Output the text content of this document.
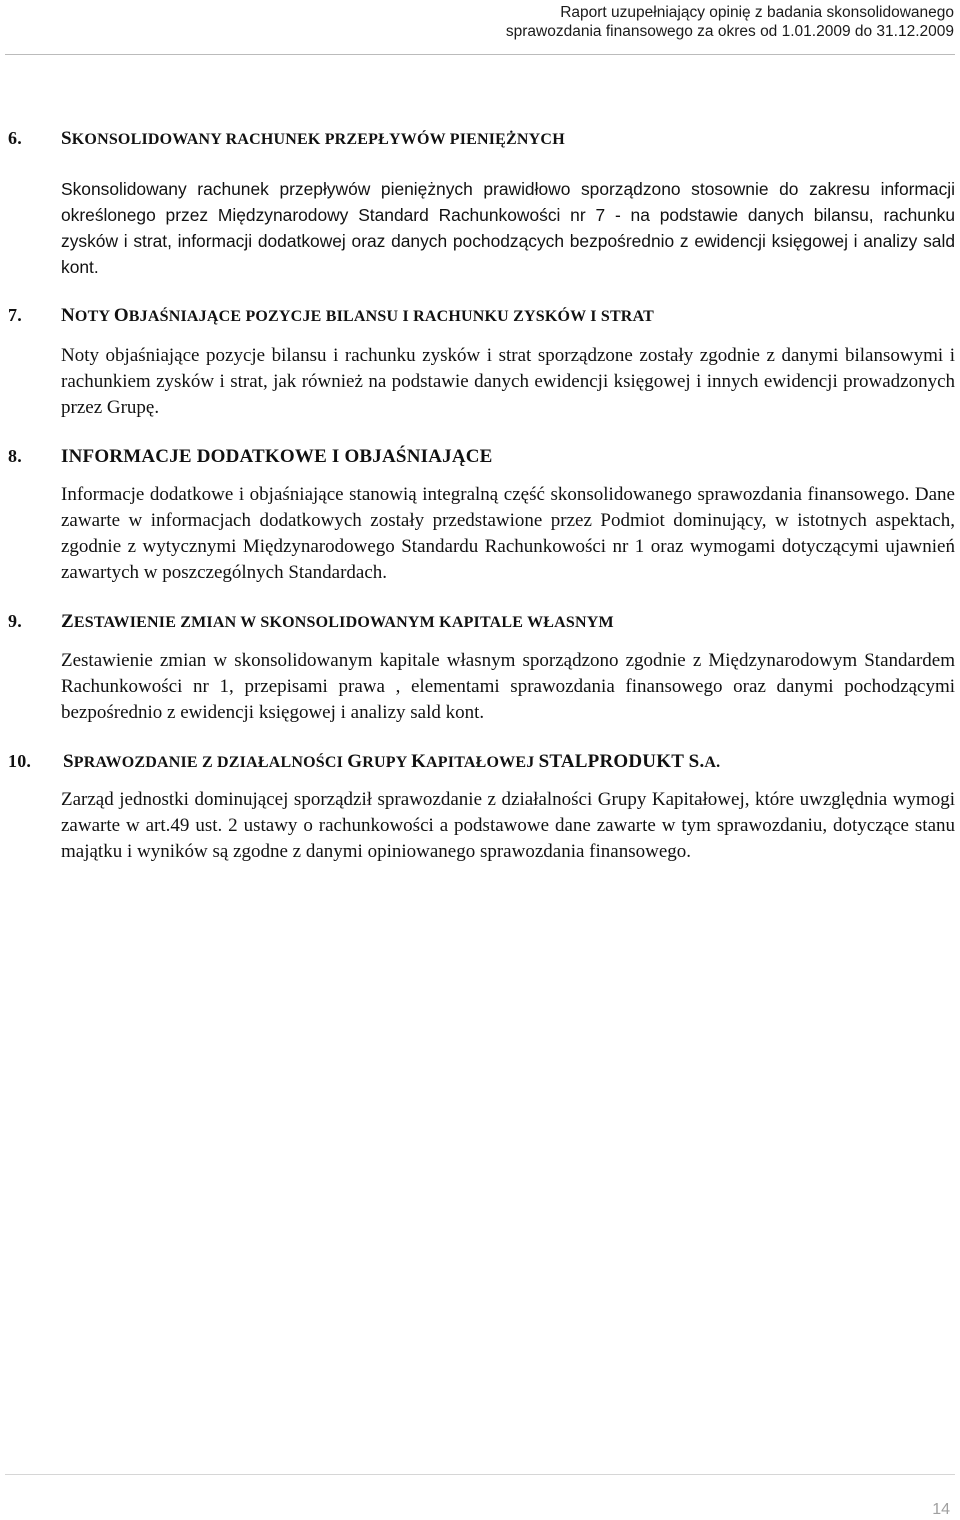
Raport uzupełniający opinię z badania skonsolidowanego
sprawozdania finansowego za okres od 1.01.2009 do 31.12.2009
6. SKONSOLIDOWANY RACHUNEK PRZEPŁYWÓW PIENIĘŻNYCH

Skonsolidowany rachunek przepływów pieniężnych prawidłowo sporządzono stosownie do zakresu informacji określonego przez Międzynarodowy Standard Rachunkowości nr 7 - na podstawie danych bilansu, rachunku zysków i strat, informacji dodatkowej oraz danych pochodzących bezpośrednio z ewidencji księgowej i analizy sald kont.

7. NOTY OBJAŚNIAJĄCE POZYCJE BILANSU I RACHUNKU ZYSKÓW I STRAT

Noty objaśniające pozycje bilansu i rachunku zysków i strat sporządzone zostały zgodnie z danymi bilansowymi i rachunkiem zysków i strat, jak również na podstawie danych ewidencji księgowej i innych ewidencji prowadzonych przez Grupę.

8. INFORMACJE DODATKOWE I OBJAŚNIAJĄCE

Informacje dodatkowe i objaśniające stanowią integralną część skonsolidowanego sprawozdania finansowego. Dane zawarte w informacjach dodatkowych zostały przedstawione przez Podmiot dominujący, w istotnych aspektach, zgodnie z wytycznymi Międzynarodowego Standardu Rachunkowości nr 1 oraz wymogami dotyczącymi ujawnień zawartych w poszczególnych Standardach.

9. ZESTAWIENIE ZMIAN W SKONSOLIDOWANYM KAPITALE WŁASNYM

Zestawienie zmian w skonsolidowanym kapitale własnym sporządzono zgodnie z Międzynarodowym Standardem Rachunkowości nr 1, przepisami prawa , elementami sprawozdania finansowego oraz danymi pochodzącymi bezpośrednio z ewidencji księgowej i analizy sald kont.

10. SPRAWOZDANIE Z DZIAŁALNOŚCI GRUPY KAPITAŁOWEJ STALPRODUKT S.A.

Zarząd jednostki dominującej sporządził sprawozdanie z działalności Grupy Kapitałowej, które uwzględnia wymogi zawarte w art.49 ust. 2 ustawy o rachunkowości a podstawowe dane zawarte w tym sprawozdaniu, dotyczące stanu majątku i wyników są zgodne z danymi opiniowanego sprawozdania finansowego.

14
